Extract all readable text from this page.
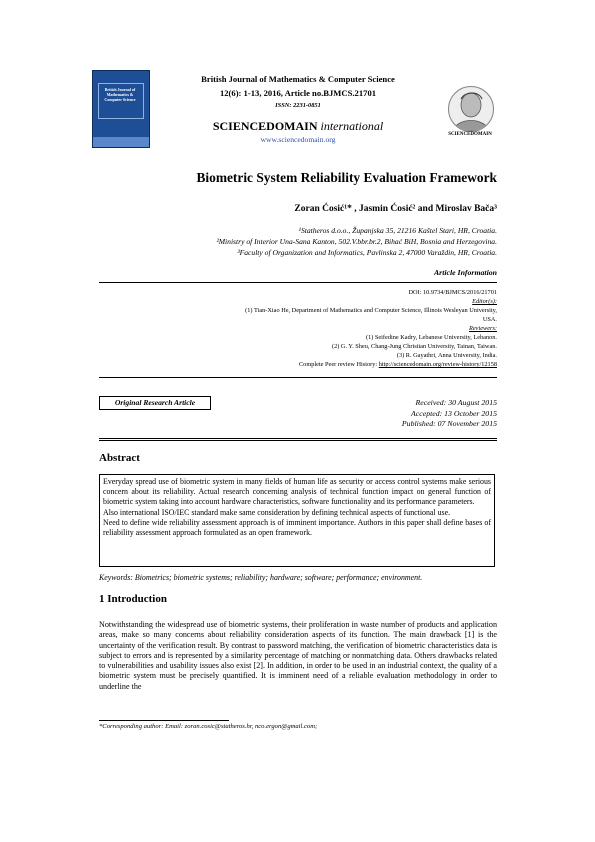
British Journal of Mathematics & Computer Science
British Journal of Mathematics & Computer Science
12(6): 1-13, 2016, Article no.BJMCS.21701
ISSN: 2231-0851
SCIENCEDOMAIN international
www.sciencedomain.org
SCIENCEDOMAIN
Biometric System Reliability Evaluation Framework
Zoran Ćosić¹* , Jasmin Ćosić² and Miroslav Bača³
¹Statheros d.o.o., Županjska 35, 21216 Kaštel Stari, HR, Croatia.
²Ministry of Interior Una-Sana Kanton, 502.V.bbr.br.2, Bihać BiH, Bosnia and Herzegovina.
³Faculty of Organization and Informatics, Pavlinska 2, 47000 Varaždin, HR, Croatia.
Article Information
DOI: 10.9734/BJMCS/2016/21701
Editor(s):
(1) Tian-Xiao He, Department of Mathematics and Computer Science, Illinois Wesleyan University,
USA.
Reviewers:
(1) Seifedine Kadry, Lebanese University, Lebanon.
(2) G. Y. Sheu, Chang-Jung Christian University, Tainan, Taiwan.
(3) R. Gayathri, Anna University, India.
Complete Peer review History: http://sciencedomain.org/review-history/12158
Original Research Article	Received: 30 August 2015
Accepted: 13 October 2015
Published: 07 November 2015
Abstract
Everyday spread use of biometric system in many fields of human life as security or access control systems make serious concern about its reliability. Actual research concerning analysis of technical function impact on general function of biometric system taking into account hardware characteristics, software functionality and its performance parameters.
Also international ISO/IEC standard make same consideration by defining technical aspects of functional use.
Need to define wide reliability assessment approach is of imminent importance. Authors in this paper shall define bases of reliability assessment approach formulated as an open framework.
Keywords: Biometrics; biometric systems; reliability; hardware; software; performance; environment.
1 Introduction
Notwithstanding the widespread use of biometric systems, their proliferation in waste number of products and application areas, make so many concerns about reliability consideration aspects of its function. The main drawback [1] is the uncertainty of the verification result. By contrast to password matching, the verification of biometric characteristics data is subject to errors and is represented by a similarity percentage of matching or nonmatching data. Others drawbacks related to vulnerabilities and usability issues also exist [2]. In addition, in order to be used in an industrial context, the quality of a biometric system must be precisely quantified. It is imminent need of a reliable evaluation methodology in order to underline the
*Corresponding author: Email: zoran.cosic@statheros.hr, nco.ergon@gmail.com;
